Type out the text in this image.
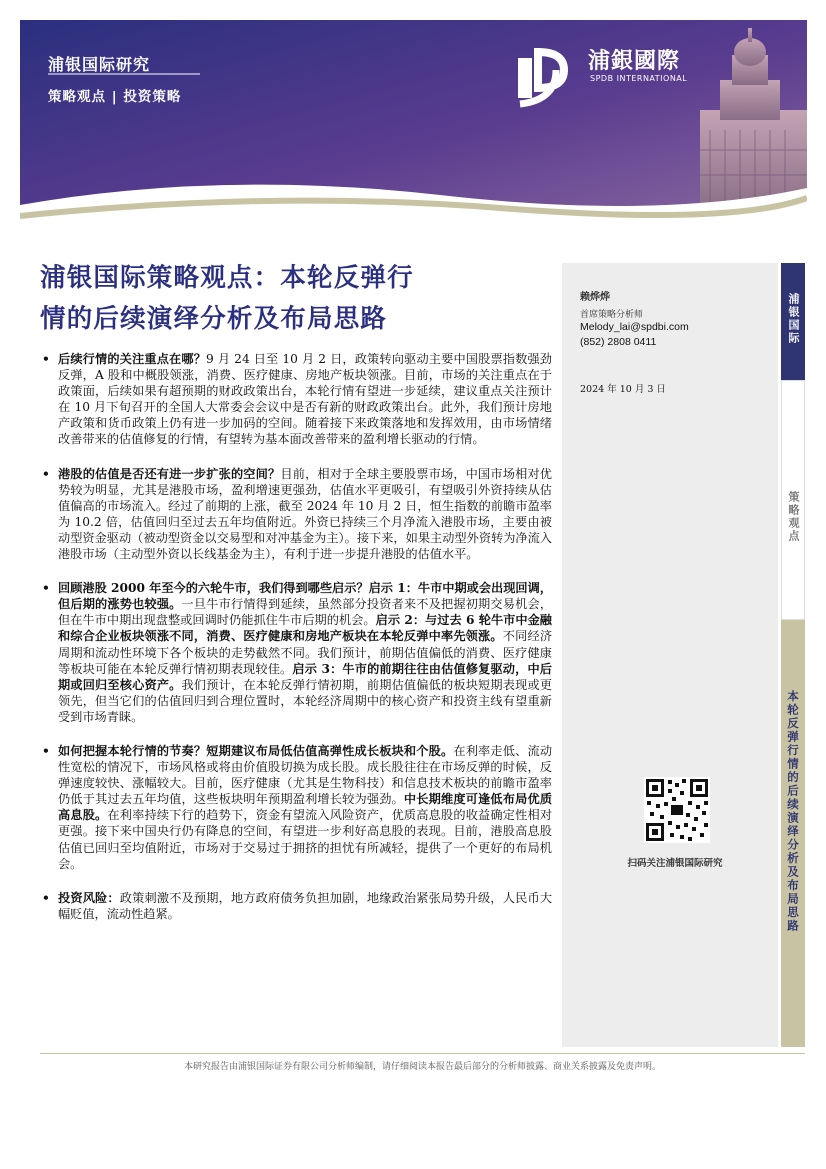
浦银国际研究
策略观点 | 投资策略
浦銀國際
SPDB INTERNATIONAL
浦银国际策略观点：本轮反弹行
情的后续演绎分析及布局思路
• 后续行情的关注重点在哪？9 月 24 日至 10 月 2 日，政策转向驱动主要中国股票指数强劲反弹，A 股和中概股领涨，消费、医疗健康、房地产板块领涨。目前，市场的关注重点在于政策面，后续如果有超预期的财政政策出台，本轮行情有望进一步延续，建议重点关注预计在 10 月下旬召开的全国人大常委会会议中是否有新的财政政策出台。此外，我们预计房地产政策和货币政策上仍有进一步加码的空间。随着接下来政策落地和发挥效用，由市场情绪改善带来的估值修复的行情，有望转为基本面改善带来的盈利增长驱动的行情。
• 港股的估值是否还有进一步扩张的空间？目前，相对于全球主要股票市场，中国市场相对优势较为明显，尤其是港股市场，盈利增速更强劲，估值水平更吸引，有望吸引外资持续从估值偏高的市场流入。经过了前期的上涨，截至 2024 年 10 月 2 日，恒生指数的前瞻市盈率为 10.2 倍，估值回归至过去五年均值附近。外资已持续三个月净流入港股市场，主要由被动型资金驱动（被动型资金以交易型和对冲基金为主）。接下来，如果主动型外资转为净流入港股市场（主动型外资以长线基金为主），有利于进一步提升港股的估值水平。
• 回顾港股 2000 年至今的六轮牛市，我们得到哪些启示？启示 1：牛市中期或会出现回调，但后期的涨势也较强。一旦牛市行情得到延续，虽然部分投资者来不及把握初期交易机会，但在牛市中期出现盘整或回调时仍能抓住牛市后期的机会。启示 2：与过去 6 轮牛市中金融和综合企业板块领涨不同，消费、医疗健康和房地产板块在本轮反弹中率先领涨。不同经济周期和流动性环境下各个板块的走势截然不同。我们预计，前期估值偏低的消费、医疗健康等板块可能在本轮反弹行情初期表现较佳。启示 3：牛市的前期往往由估值修复驱动，中后期或回归至核心资产。我们预计，在本轮反弹行情初期，前期估值偏低的板块短期表现或更领先，但当它们的估值回归到合理位置时，本轮经济周期中的核心资产和投资主线有望重新受到市场青睐。
• 如何把握本轮行情的节奏？短期建议布局低估值高弹性成长板块和个股。在利率走低、流动性宽松的情况下，市场风格或将由价值股切换为成长股。成长股往往在市场反弹的时候，反弹速度较快、涨幅较大。目前，医疗健康（尤其是生物科技）和信息技术板块的前瞻市盈率仍低于其过去五年均值，这些板块明年预期盈利增长较为强劲。中长期维度可逢低布局优质高息股。在利率持续下行的趋势下，资金有望流入风险资产，优质高息股的收益确定性相对更强。接下来中国央行仍有降息的空间，有望进一步利好高息股的表现。目前，港股高息股估值已回归至均值附近，市场对于交易过于拥挤的担忧有所减轻，提供了一个更好的布局机会。
• 投资风险：政策刺激不及预期，地方政府债务负担加剧，地缘政治紧张局势升级，人民币大幅贬值，流动性趋紧。
赖烨烨
首席策略分析师
Melody_lai@spdbi.com
(852) 2808 0411
2024 年 10 月 3 日
扫码关注浦银国际研究
浦银国际
策略观点
本轮反弹行情的后续演绎分析及布局思路
本研究报告由浦银国际证券有限公司分析师编制，请仔细阅读本报告最后部分的分析师披露、商业关系披露及免责声明。
